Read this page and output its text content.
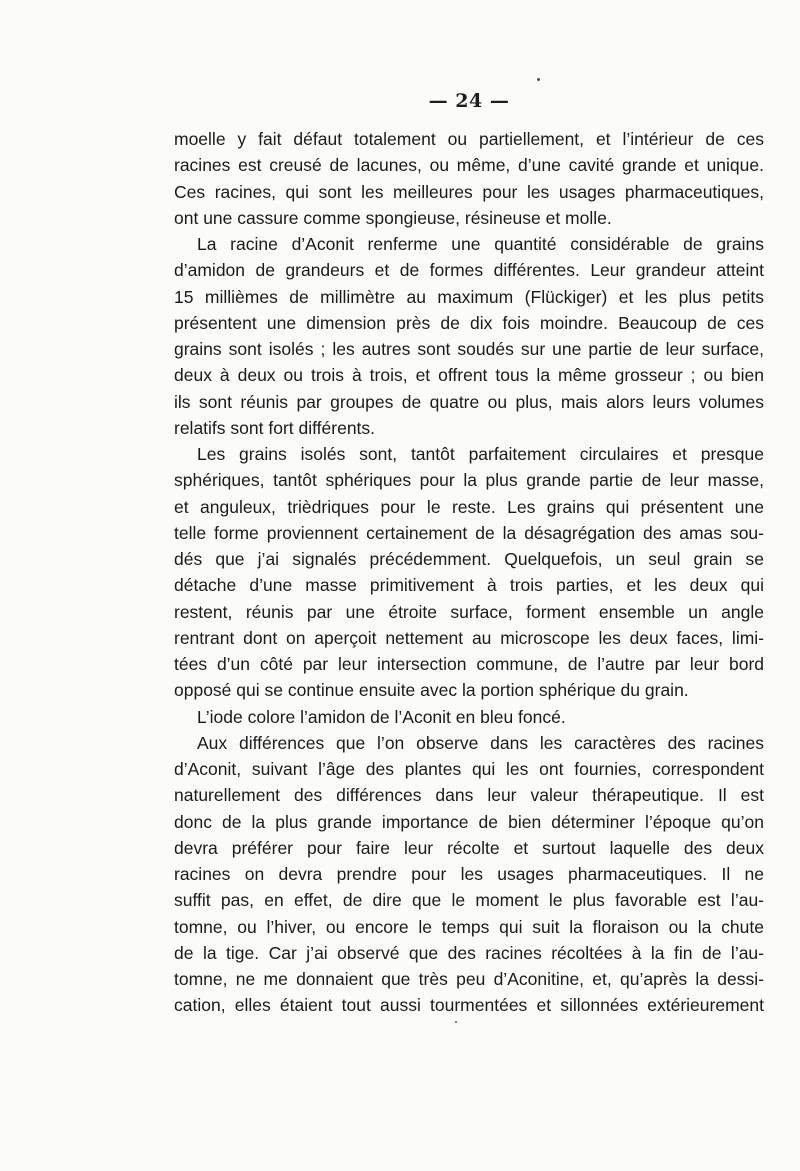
— 24 —
moelle y fait défaut totalement ou partiellement, et l’intérieur de ces
racines est creusé de lacunes, ou même, d’une cavité grande et unique.
Ces racines, qui sont les meilleures pour les usages pharmaceutiques,
ont une cassure comme spongieuse, résineuse et molle.
La racine d’Aconit renferme une quantité considérable de grains
d’amidon de grandeurs et de formes différentes. Leur grandeur atteint
15 millièmes de millimètre au maximum (Flückiger) et les plus petits
présentent une dimension près de dix fois moindre. Beaucoup de ces
grains sont isolés ; les autres sont soudés sur une partie de leur surface,
deux à deux ou trois à trois, et offrent tous la même grosseur ; ou bien
ils sont réunis par groupes de quatre ou plus, mais alors leurs volumes
relatifs sont fort différents.
Les grains isolés sont, tantôt parfaitement circulaires et presque
sphériques, tantôt sphériques pour la plus grande partie de leur masse,
et anguleux, trièdriques pour le reste. Les grains qui présentent une
telle forme proviennent certainement de la désagrégation des amas sou-
dés que j’ai signalés précédemment. Quelquefois, un seul grain se
détache d’une masse primitivement à trois parties, et les deux qui
restent, réunis par une étroite surface, forment ensemble un angle
rentrant dont on aperçoit nettement au microscope les deux faces, limi-
tées d’un côté par leur intersection commune, de l’autre par leur bord
opposé qui se continue ensuite avec la portion sphérique du grain.
L’iode colore l’amidon de l’Aconit en bleu foncé.
Aux différences que l’on observe dans les caractères des racines
d’Aconit, suivant l’âge des plantes qui les ont fournies, correspondent
naturellement des différences dans leur valeur thérapeutique. Il est
donc de la plus grande importance de bien déterminer l’époque qu’on
devra préférer pour faire leur récolte et surtout laquelle des deux
racines on devra prendre pour les usages pharmaceutiques. Il ne
suffit pas, en effet, de dire que le moment le plus favorable est l’au-
tomne, ou l’hiver, ou encore le temps qui suit la floraison ou la chute
de la tige. Car j’ai observé que des racines récoltées à la fin de l’au-
tomne, ne me donnaient que très peu d’Aconitine, et, qu’après la dessi-
cation, elles étaient tout aussi tourmentées et sillonnées extérieurement
